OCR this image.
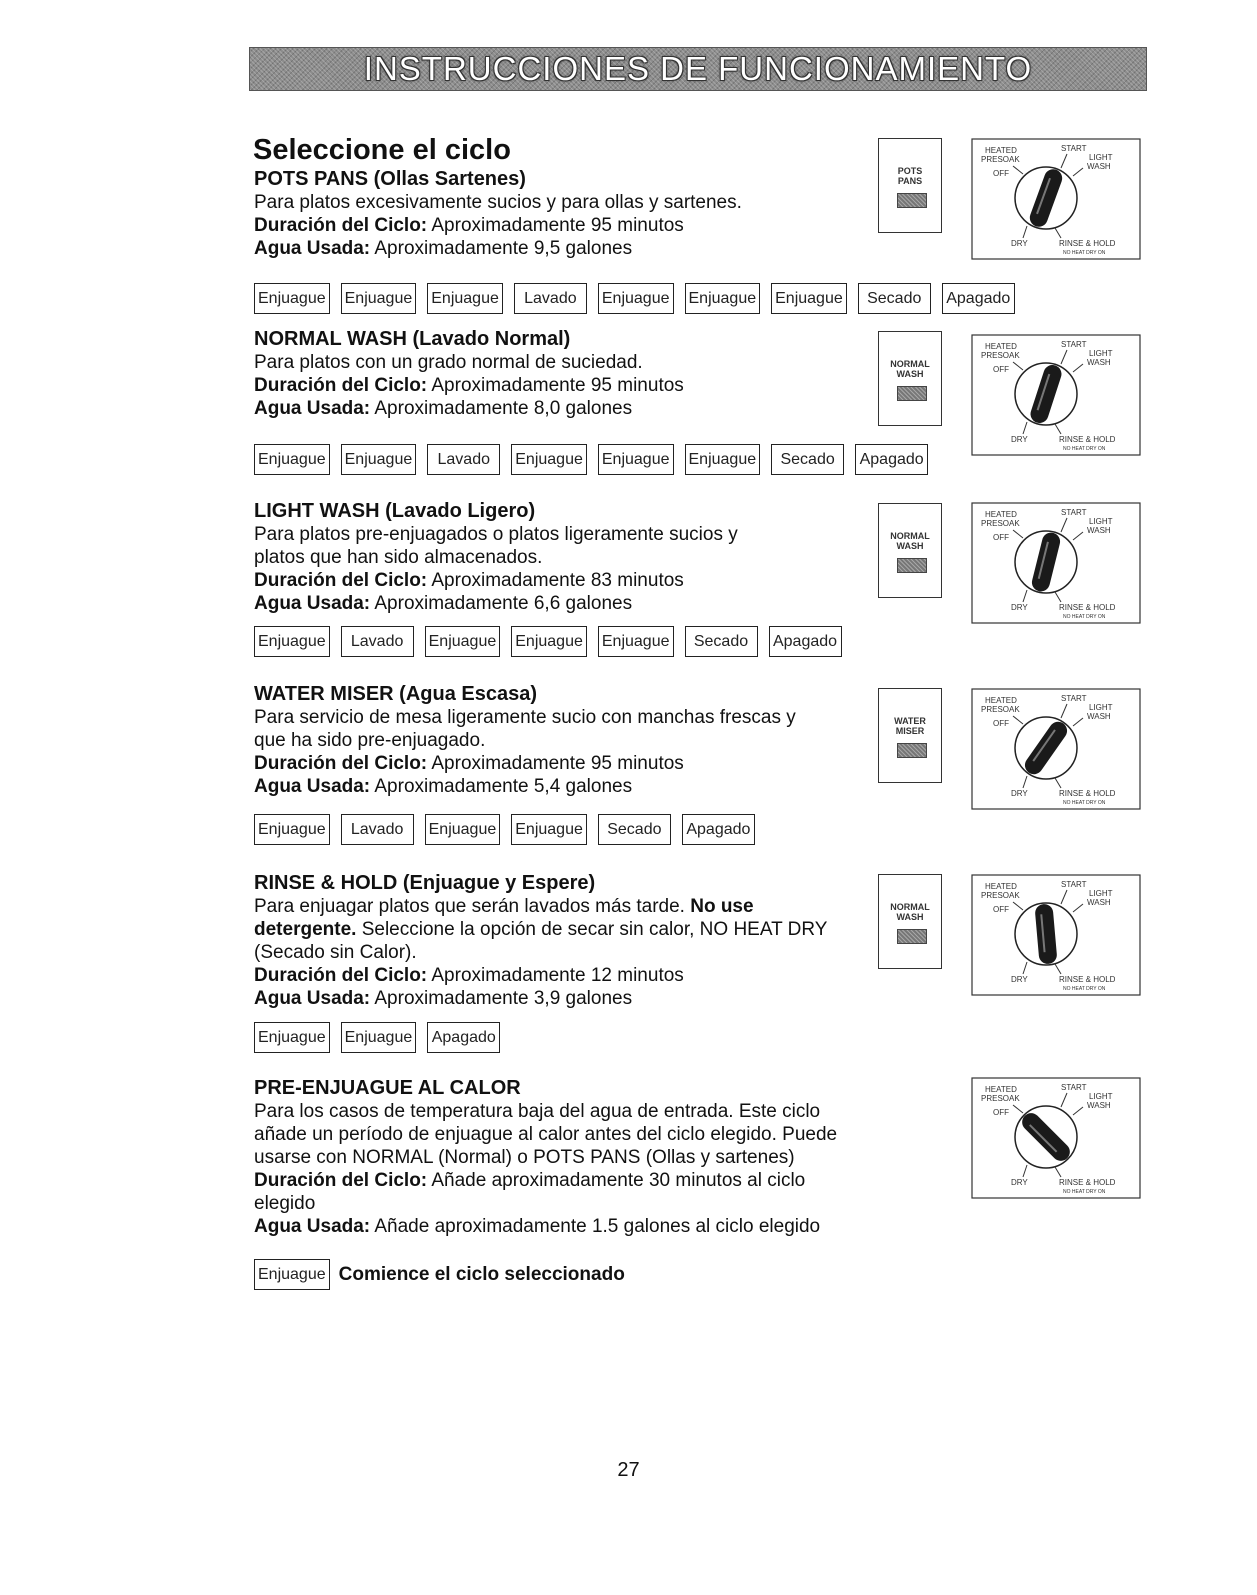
INSTRUCCIONES DE FUNCIONAMIENTO
Seleccione el ciclo

POTS PANS (Ollas Sartenes)

Para platos excesivamente sucios y para ollas y sartenes.

Duración del Ciclo: Aproximadamente 95 minutos

Agua Usada: Aproximadamente 9,5 galones

Enjuague Enjuague Enjuague	Lavado	Enjuague Enjuague Enjuague	Secado	Apagado
POTS
PANS
HEATED
PRESOAK
START
LIGHT
WASH
OFF
DRY	RINSE & HOLD
NO HEAT DRY ON

NORMAL WASH (Lavado Normal)

Para platos con un grado normal de suciedad.

Duración del Ciclo: Aproximadamente 95 minutos

Agua Usada: Aproximadamente 8,0 galones

Enjuague Enjuague	Lavado	Enjuague Enjuague Enjuague	Secado	Apagado
NORMAL
WASH
HEATED
PRESOAK
START
LIGHT
WASH
OFF
DRY	RINSE & HOLD
NO HEAT DRY ON

LIGHT WASH (Lavado Ligero)

Para platos pre-enjuagados o platos ligeramente sucios y

platos que han sido almacenados.

Duración del Ciclo: Aproximadamente 83 minutos

Agua Usada: Aproximadamente 6,6 galones

Enjuague	Lavado	Enjuague Enjuague Enjuague	Secado	Apagado
NORMAL
WASH
HEATED
PRESOAK
START
LIGHT
WASH
OFF
DRY	RINSE & HOLD
NO HEAT DRY ON

WATER MISER (Agua Escasa)

Para servicio de mesa ligeramente sucio con manchas frescas y

que ha sido pre-enjuagado.

Duración del Ciclo: Aproximadamente 95 minutos

Agua Usada: Aproximadamente 5,4 galones

Enjuague	Lavado	Enjuague Enjuague	Secado	Apagado
WATER
MISER
HEATED
PRESOAK
START
LIGHT
WASH
OFF
DRY	RINSE & HOLD
NO HEAT DRY ON

RINSE & HOLD (Enjuague y Espere)

Para enjuagar platos que serán lavados más tarde. No use detergente. Seleccione la opción de secar sin calor, NO HEAT DRY (Secado sin Calor).

Duración del Ciclo: Aproximadamente 12 minutos

Agua Usada: Aproximadamente 3,9 galones

Enjuague Enjuague Apagado
NORMAL
WASH
HEATED
PRESOAK
START
LIGHT
WASH
OFF
DRY	RINSE & HOLD
NO HEAT DRY ON

PRE-ENJUAGUE AL CALOR

Para los casos de temperatura baja del agua de entrada. Este ciclo

añade un período de enjuague al calor antes del ciclo elegido. Puede

usarse con NORMAL (Normal) o POTS PANS (Ollas y sartenes)

Duración del Ciclo: Añade aproximadamente 30 minutos al ciclo

elegido

Agua Usada: Añade aproximadamente 1.5 galones al ciclo elegido

HEATED
PRESOAK
START
LIGHT
WASH
OFF
DRY	RINSE & HOLD
NO HEAT DRY ON
Enjuague Comience el ciclo seleccionado
27
